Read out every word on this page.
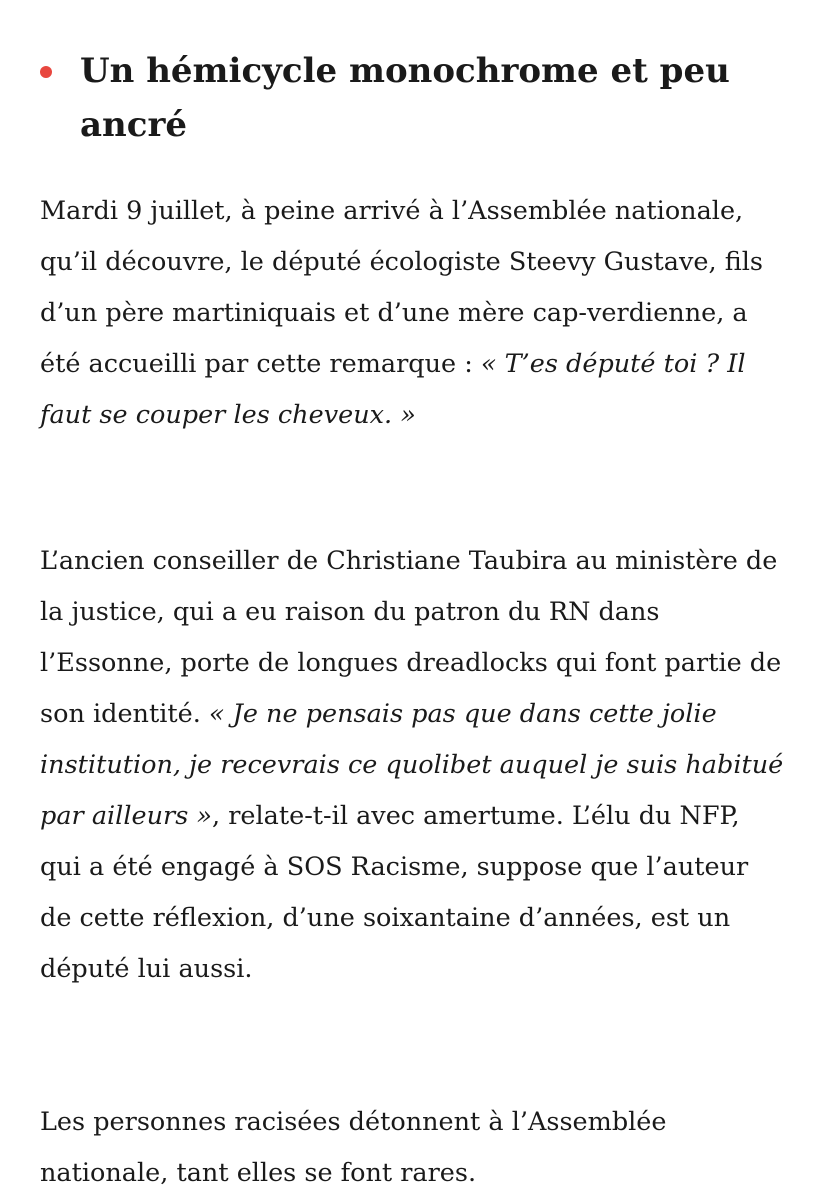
Un hémicycle monochrome et peu ancré

Mardi 9 juillet, à peine arrivé à l’Assemblée nationale, qu’il découvre, le député écologiste Steevy Gustave, fils d’un père martiniquais et d’une mère cap-verdienne, a été accueilli par cette remarque : « T’es député toi ? Il faut se couper les cheveux. »

L’ancien conseiller de Christiane Taubira au ministère de la justice, qui a eu raison du patron du RN dans l’Essonne, porte de longues dreadlocks qui font partie de son identité. « Je ne pensais pas que dans cette jolie institution, je recevrais ce quolibet auquel je suis habitué par ailleurs », relate-t-il avec amertume. L’élu du NFP, qui a été engagé à SOS Racisme, suppose que l’auteur de cette réflexion, d’une soixantaine d’années, est un député lui aussi.

Les personnes racisées détonnent à l’Assemblée nationale, tant elles se font rares.
